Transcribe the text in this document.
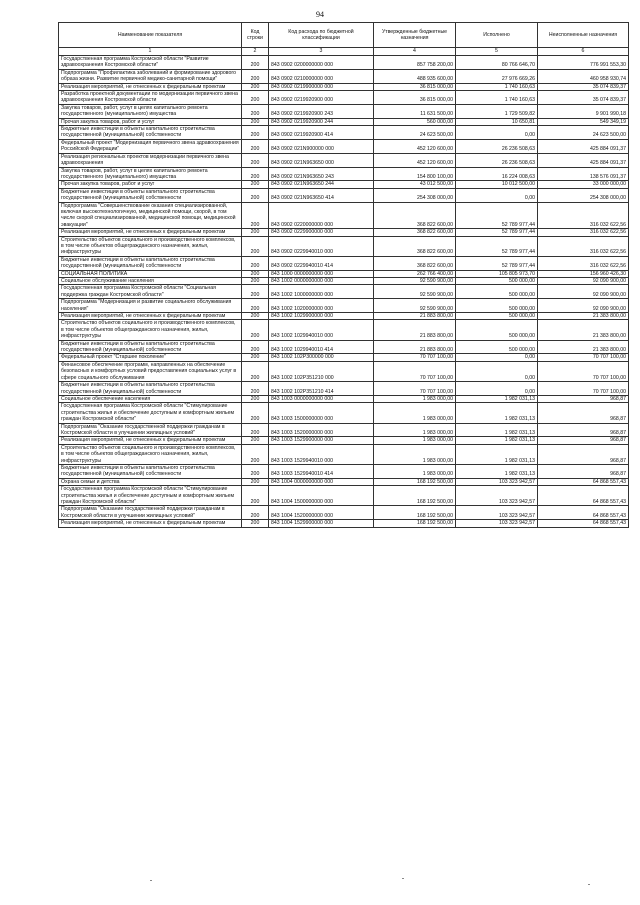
94
Наименование показателя	Код строки	Код расхода по бюджетной классификации	Утвержденные бюджетные назначения	Исполнено	Неисполненные назначения
1	2	3	4	5	6
Государственная программа Костромской области "Развитие здравоохранения Костромской области"	200	843 0902 0200000000 000	857 758 200,00	80 766 646,70	776 991 553,30
Подпрограмма "Профилактика заболеваний и формирование здорового образа жизни. Развитие первичной медико-санитарной помощи"	200	843 0902 0210000000 000	488 935 600,00	27 976 669,26	460 958 930,74
Реализация мероприятий, не отнесенных к федеральным проектам	200	843 0902 0219900000 000	36 815 000,00	1 740 160,63	35 074 839,37
Разработка проектной документации по модернизации первичного звена здравоохранения Костромской области	200	843 0902 0219920900 000	36 815 000,00	1 740 160,63	35 074 839,37
Закупка товаров, работ, услуг в целях капитального ремонта государственного (муниципального) имущества	200	843 0902 0219920900 243	11 631 500,00	1 729 509,82	9 901 990,18
Прочая закупка товаров, работ и услуг	200	843 0902 0219920900 244	560 000,00	10 650,81	549 349,19
Бюджетные инвестиции в объекты капитального строительства государственной (муниципальной) собственности	200	843 0902 0219920900 414	24 623 500,00	0,00	24 623 500,00
Федеральный проект "Модернизация первичного звена здравоохранения Российской Федерации"	200	843 0902 021N900000 000	452 120 600,00	26 236 508,63	425 884 091,37
Реализация региональных проектов модернизации первичного звена здравоохранения	200	843 0902 021N963650 000	452 120 600,00	26 236 508,63	425 884 091,37
Закупка товаров, работ, услуг в целях капитального ремонта государственного (муниципального) имущества	200	843 0902 021N963650 243	154 800 100,00	16 224 008,63	138 576 091,37
Прочая закупка товаров, работ и услуг	200	843 0902 021N963650 244	43 012 500,00	10 012 500,00	33 000 000,00
Бюджетные инвестиции в объекты капитального строительства государственной (муниципальной) собственности	200	843 0902 021N963650 414	254 308 000,00	0,00	254 308 000,00
Подпрограмма "Совершенствование оказания специализированной, включая высокотехнологичную, медицинской помощи, скорой, в том числе скорой специализированной, медицинской помощи, медицинской эвакуации"	200	843 0902 0220000000 000	368 822 600,00	52 789 977,44	316 032 622,56
Реализация мероприятий, не отнесенных к федеральным проектам	200	843 0902 0229900000 000	368 822 600,00	52 789 977,44	316 032 622,56
Строительство объектов социального и производственного комплексов, в том числе объектов общегражданского назначения, жилья, инфраструктуры	200	843 0902 0229940010 000	368 822 600,00	52 789 977,44	316 032 622,56
Бюджетные инвестиции в объекты капитального строительства государственной (муниципальной) собственности	200	843 0902 0229940010 414	368 822 600,00	52 789 977,44	316 032 622,56
СОЦИАЛЬНАЯ ПОЛИТИКА	200	843 1000 0000000000 000	262 766 400,00	105 805 973,70	156 960 426,30
Социальное обслуживание населения	200	843 1002 0000000000 000	92 590 900,00	500 000,00	92 090 900,00
Государственная программа Костромской области "Социальная поддержка граждан Костромской области"	200	843 1002 1000000000 000	92 590 900,00	500 000,00	92 090 900,00
Подпрограмма "Модернизация и развитие социального обслуживания населения"	200	843 1002 1020000000 000	92 590 900,00	500 000,00	92 090 900,00
Реализация мероприятий, не отнесенных к федеральным проектам	200	843 1002 1029900000 000	21 883 800,00	500 000,00	21 383 800,00
Строительство объектов социального и производственного комплексов, в том числе объектов общегражданского назначения, жилья, инфраструктуры	200	843 1002 1029940010 000	21 883 800,00	500 000,00	21 383 800,00
Бюджетные инвестиции в объекты капитального строительства государственной (муниципальной) собственности	200	843 1002 1029940010 414	21 883 800,00	500 000,00	21 383 800,00
Федеральный проект "Старшее поколение"	200	843 1002 102P300000 000	70 707 100,00	0,00	70 707 100,00
Финансовое обеспечение программ, направленных на обеспечение безопасных и комфортных условий предоставления социальных услуг в сфере социального обслуживания	200	843 1002 102P351210 000	70 707 100,00	0,00	70 707 100,00
Бюджетные инвестиции в объекты капитального строительства государственной (муниципальной) собственности	200	843 1002 102P351210 414	70 707 100,00	0,00	70 707 100,00
Социальное обеспечение населения	200	843 1003 0000000000 000	1 983 000,00	1 982 031,13	968,87
Государственная программа Костромской области "Стимулирование строительства жилья и обеспечение доступным и комфортным жильем граждан Костромской области"	200	843 1003 1500000000 000	1 983 000,00	1 982 031,13	968,87
Подпрограмма "Оказание государственной поддержки гражданам в Костромской области в улучшении жилищных условий"	200	843 1003 1520000000 000	1 983 000,00	1 982 031,13	968,87
Реализация мероприятий, не отнесенных к федеральным проектам	200	843 1003 1529900000 000	1 983 000,00	1 982 031,13	968,87
Строительство объектов социального и производственного комплексов, в том числе объектов общегражданского назначения, жилья, инфраструктуры	200	843 1003 1529940010 000	1 983 000,00	1 982 031,13	968,87
Бюджетные инвестиции в объекты капитального строительства государственной (муниципальной) собственности	200	843 1003 1529940010 414	1 983 000,00	1 982 031,13	968,87
Охрана семьи и детства	200	843 1004 0000000000 000	168 192 500,00	103 323 942,57	64 868 557,43
Государственная программа Костромской области "Стимулирование строительства жилья и обеспечение доступным и комфортным жильем граждан Костромской области"	200	843 1004 1500000000 000	168 192 500,00	103 323 942,57	64 868 557,43
Подпрограмма "Оказание государственной поддержки гражданам в Костромской области в улучшении жилищных условий"	200	843 1004 1520000000 000	168 192 500,00	103 323 942,57	64 868 557,43
Реализация мероприятий, не отнесенных к федеральным проектам	200	843 1004 1529900000 000	168 192 500,00	103 323 942,57	64 868 557,43
